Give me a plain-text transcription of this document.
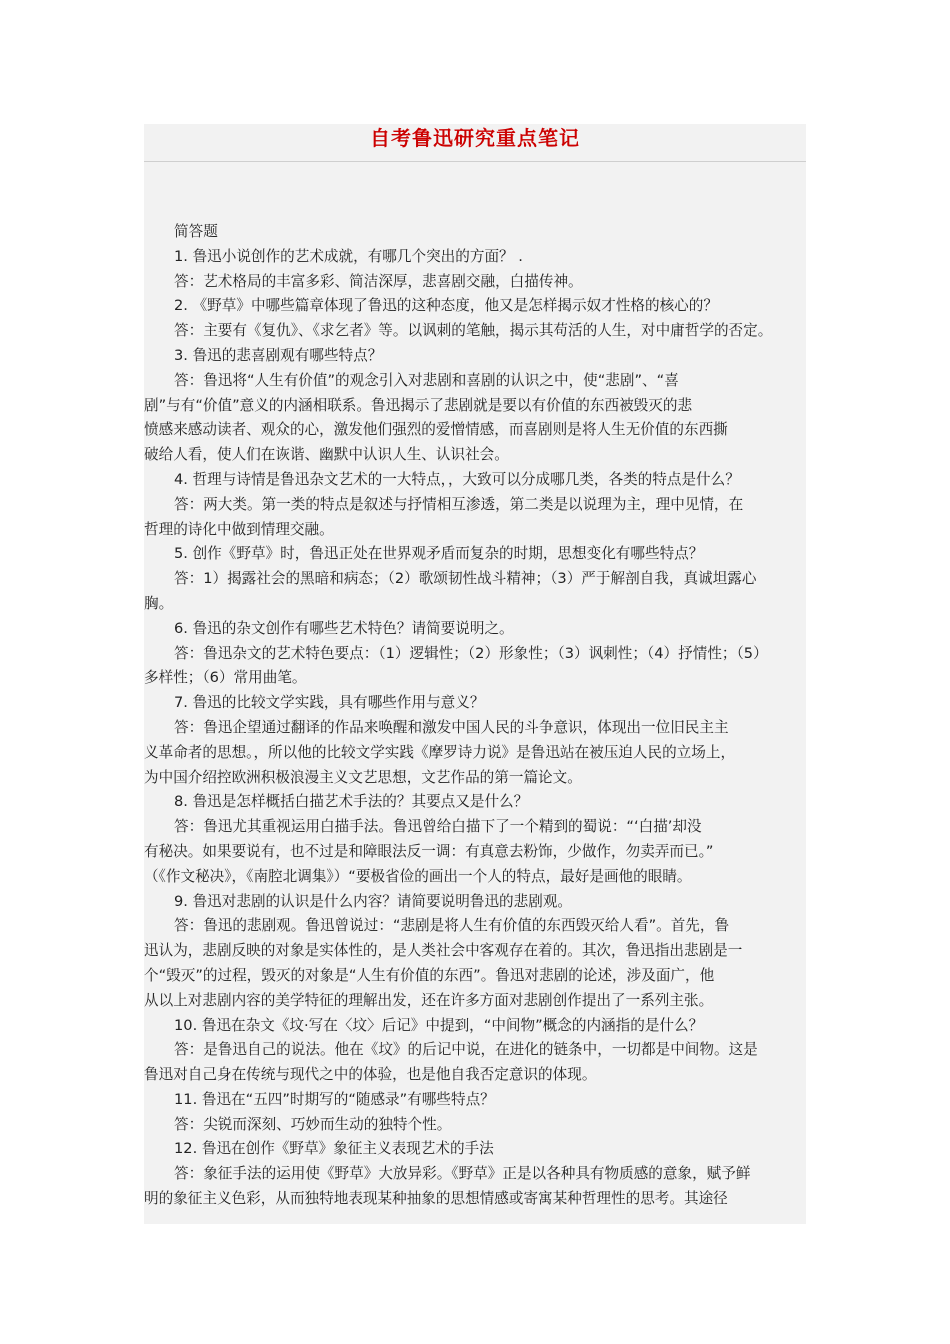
自考鲁迅研究重点笔记

简答题

1. 鲁迅小说创作的艺术成就，有哪几个突出的方面？ .

答：艺术格局的丰富多彩、简洁深厚，悲喜剧交融，白描传神。

2. 《野草》中哪些篇章体现了鲁迅的这种态度，他又是怎样揭示奴才性格的核心的？

答：主要有《复仇》、《求乞者》等。以讽刺的笔触，揭示其苟活的人生，对中庸哲学的否定。

3. 鲁迅的悲喜剧观有哪些特点？

答：鲁迅将“人生有价值”的观念引入对悲剧和喜剧的认识之中，使“悲剧”、“喜

剧”与有“价值”意义的内涵相联系。鲁迅揭示了悲剧就是要以有价值的东西被毁灭的悲

愤感来感动读者、观众的心，激发他们强烈的爱憎情感，而喜剧则是将人生无价值的东西撕

破给人看，使人们在诙谐、幽默中认识人生、认识社会。

4. 哲理与诗情是鲁迅杂文艺术的一大特点，，大致可以分成哪几类，各类的特点是什么？

答：两大类。第一类的特点是叙述与抒情相互渗透，第二类是以说理为主，理中见情，在

哲理的诗化中做到情理交融。

5. 创作《野草》时，鲁迅正处在世界观矛盾而复杂的时期，思想变化有哪些特点？

答：1）揭露社会的黑暗和病态；（2）歌颂韧性战斗精神；（3）严于解剖自我，真诚坦露心

胸。

6. 鲁迅的杂文创作有哪些艺术特色？请简要说明之。

答：鲁迅杂文的艺术特色要点：（1）逻辑性；（2）形象性；（3）讽刺性；（4）抒情性；（5）

多样性；（6）常用曲笔。

7. 鲁迅的比较文学实践，具有哪些作用与意义？

答：鲁迅企望通过翻译的作品来唤醒和激发中国人民的斗争意识，体现出一位旧民主主

义革命者的思想。，所以他的比较文学实践《摩罗诗力说》是鲁迅站在被压迫人民的立场上，

为中国介绍控欧洲积极浪漫主义文艺思想，文艺作品的第一篇论文。

8. 鲁迅是怎样概括白描艺术手法的？其要点又是什么？

答：鲁迅尤其重视运用白描手法。鲁迅曾给白描下了一个精到的蜀说：“‘白描’却没

有秘决。如果要说有，也不过是和障眼法反一调：有真意去粉饰，少做作，勿卖弄而已。”

（《作文秘决》，《南腔北调集》）“要极省俭的画出一个人的特点，最好是画他的眼睛。

9. 鲁迅对悲剧的认识是什么内容？请简要说明鲁迅的悲剧观。

答：鲁迅的悲剧观。鲁迅曾说过：“悲剧是将人生有价值的东西毁灭给人看”。首先，鲁

迅认为，悲剧反映的对象是实体性的，是人类社会中客观存在着的。其次，鲁迅指出悲剧是一

个“毁灭”的过程，毁灭的对象是“人生有价值的东西”。鲁迅对悲剧的论述，涉及面广，他

从以上对悲剧内容的美学特征的理解出发，还在许多方面对悲剧创作提出了一系列主张。

10. 鲁迅在杂文《坟·写在〈坟〉后记》中提到，“中间物”概念的内涵指的是什么？

答：是鲁迅自己的说法。他在《坟》的后记中说，在进化的链条中，一切都是中间物。这是

鲁迅对自己身在传统与现代之中的体验，也是他自我否定意识的体现。

11. 鲁迅在“五四”时期写的“随感录”有哪些特点？

答：尖锐而深刻、巧妙而生动的独特个性。

12. 鲁迅在创作《野草》象征主义表现艺术的手法

答：象征手法的运用使《野草》大放异彩。《野草》正是以各种具有物质感的意象，赋予鲜

明的象征主义色彩，从而独特地表现某种抽象的思想情感或寄寓某种哲理性的思考。其途径
